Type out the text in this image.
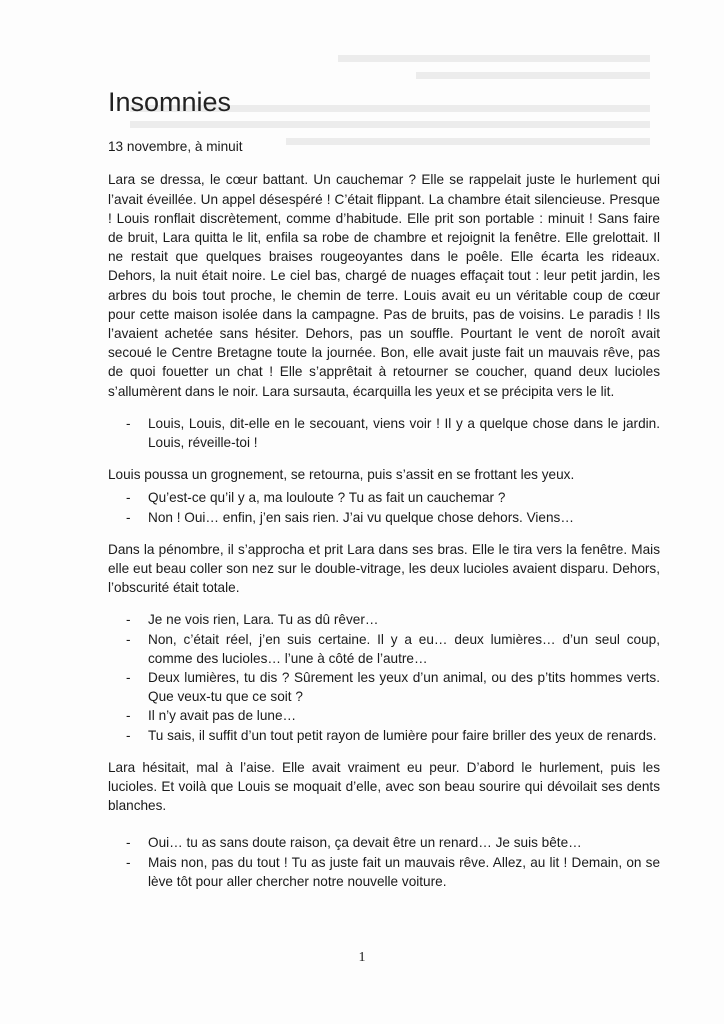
Insomnies
13 novembre, à minuit

Lara se dressa, le cœur battant. Un cauchemar ? Elle se rappelait juste le hurlement qui l’avait éveillée. Un appel désespéré ! C’était flippant. La chambre était silencieuse. Presque ! Louis ronflait discrètement, comme d’habitude. Elle prit son portable : minuit ! Sans faire de bruit, Lara quitta le lit, enfila sa robe de chambre et rejoignit la fenêtre. Elle grelottait. Il ne restait que quelques braises rougeoyantes dans le poêle. Elle écarta les rideaux. Dehors, la nuit était noire. Le ciel bas, chargé de nuages effaçait tout : leur petit jardin, les arbres du bois tout proche, le chemin de terre. Louis avait eu un véritable coup de cœur pour cette maison isolée dans la campagne. Pas de bruits, pas de voisins. Le paradis ! Ils l’avaient achetée sans hésiter. Dehors, pas un souffle. Pourtant le vent de noroît avait secoué le Centre Bretagne toute la journée. Bon, elle avait juste fait un mauvais rêve, pas de quoi fouetter un chat ! Elle s’apprêtait à retourner se coucher, quand deux lucioles s’allumèrent dans le noir. Lara sursauta, écarquilla les yeux et se précipita vers le lit.

- Louis, Louis, dit-elle en le secouant, viens voir ! Il y a quelque chose dans le jardin. Louis, réveille-toi !

Louis poussa un grognement, se retourna, puis s’assit en se frottant les yeux.

- Qu’est-ce qu’il y a, ma louloute ? Tu as fait un cauchemar ?
- Non ! Oui… enfin, j’en sais rien. J’ai vu quelque chose dehors. Viens…

Dans la pénombre, il s’approcha et prit Lara dans ses bras. Elle le tira vers la fenêtre. Mais elle eut beau coller son nez sur le double-vitrage, les deux lucioles avaient disparu. Dehors, l’obscurité était totale.

- Je ne vois rien, Lara. Tu as dû rêver…
- Non, c’était réel, j’en suis certaine. Il y a eu… deux lumières… d’un seul coup, comme des lucioles… l’une à côté de l’autre…
- Deux lumières, tu dis ? Sûrement les yeux d’un animal, ou des p’tits hommes verts. Que veux-tu que ce soit ?
- Il n’y avait pas de lune…
- Tu sais, il suffit d’un tout petit rayon de lumière pour faire briller des yeux de renards.

Lara hésitait, mal à l’aise. Elle avait vraiment eu peur. D’abord le hurlement, puis les lucioles. Et voilà que Louis se moquait d’elle, avec son beau sourire qui dévoilait ses dents blanches.

- Oui… tu as sans doute raison, ça devait être un renard… Je suis bête…
- Mais non, pas du tout ! Tu as juste fait un mauvais rêve. Allez, au lit ! Demain, on se lève tôt pour aller chercher notre nouvelle voiture.
1
